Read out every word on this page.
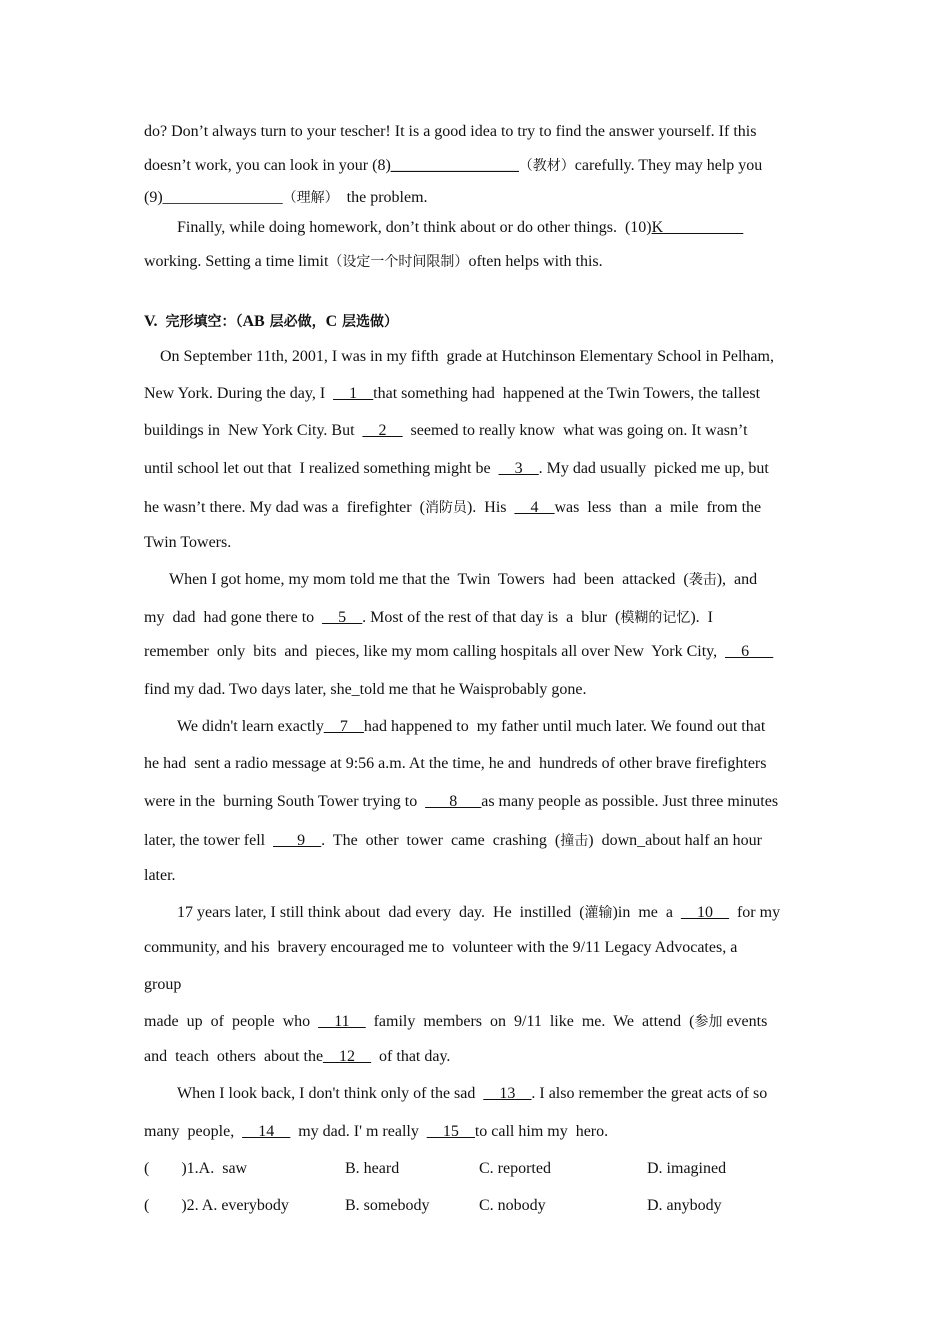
do? Don’t always turn to your tescher! It is a good idea to try to find the answer yourself. If this
doesn’t work, you can look in your (8)________________（教材）carefully. They may help you
(9)_______________（理解）  the problem.
Finally, while doing homework, don’t think about or do other things.  (10)K__________
working. Setting a time limit（设定一个时间限制）often helps with this.
V.  完形填空：（AB 层必做，C 层选做）
On September 11th, 2001, I was in my fifth  grade at Hutchinson Elementary School in Pelham,
New York. During the day, I  __1__that something had  happened at the Twin Towers, the tallest
buildings in  New York City. But  __2__  seemed to really know  what was going on. It wasn’t
until school let out that  I realized something might be  __3__. My dad usually  picked me up, but
he wasn’t there. My dad was a  firefighter  (消防员).  His  __4__was  less  than  a  mile  from the
Twin Towers.
When I got home, my mom told me that the  Twin  Towers  had  been  attacked  (袭击),  and
my  dad  had gone there to  __5__. Most of the rest of that day is  a  blur  (模糊的记忆).  I
remember  only  bits  and  pieces, like my mom calling hospitals all over New  York City,  __6___
find my dad. Two days later, she_told me that he Waisprobably gone.
We didn't learn exactly__7__had happened to  my father until much later. We found out that
he had  sent a radio message at 9:56 a.m. At the time, he and  hundreds of other brave firefighters
were in the  burning South Tower trying to  ___8___as many people as possible. Just three minutes
later, the tower fell  ___9__.  The  other  tower  came  crashing  (撞击)  down_about half an hour
later.
17 years later, I still think about  dad every  day.  He  instilled  (灌输)in  me  a  __10__  for my
community, and his  bravery encouraged me to  volunteer with the 9/11 Legacy Advocates, a
group
made  up  of  people  who  __11__  family  members  on  9/11  like  me.  We  attend  (参加 events
and  teach  others  about the__12__  of that day.
When I look back, I don't think only of the sad  __13__. I also remember the great acts of so
many  people,  __14__  my dad. I' m really  __15__to call him my  hero.
(        )1.A.  saw	B. heard	C. reported	D. imagined
(        )2. A. everybody	B. somebody	C. nobody	D. anybody
